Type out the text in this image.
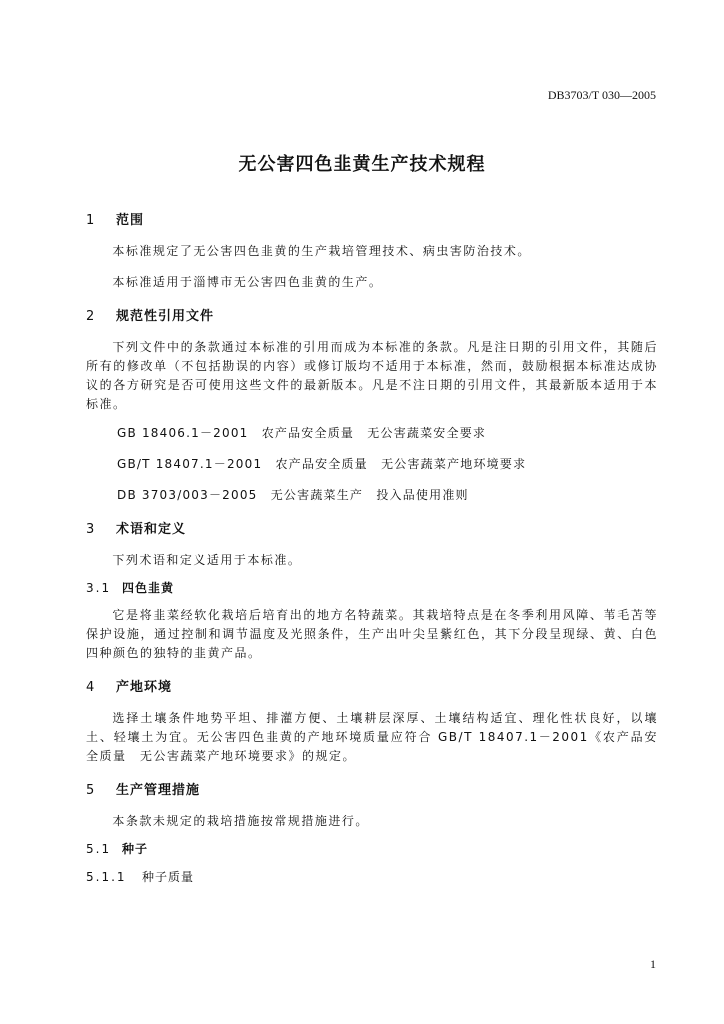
DB3703/T 030—2005
无公害四色韭黄生产技术规程
1 范围

本标准规定了无公害四色韭黄的生产栽培管理技术、病虫害防治技术。

本标准适用于淄博市无公害四色韭黄的生产。

2 规范性引用文件

下列文件中的条款通过本标准的引用而成为本标准的条款。凡是注日期的引用文件，其随后所有的修改单（不包括勘误的内容）或修订版均不适用于本标准，然而，鼓励根据本标准达成协议的各方研究是否可使用这些文件的最新版本。凡是不注日期的引用文件，其最新版本适用于本标准。

GB 18406.1－2001　农产品安全质量　无公害蔬菜安全要求

GB/T 18407.1－2001　农产品安全质量　无公害蔬菜产地环境要求

DB 3703/003－2005　无公害蔬菜生产　投入品使用准则

3 术语和定义

下列术语和定义适用于本标准。

3.1 四色韭黄

它是将韭菜经软化栽培后培育出的地方名特蔬菜。其栽培特点是在冬季利用风障、苇毛苫等保护设施，通过控制和调节温度及光照条件，生产出叶尖呈紫红色，其下分段呈现绿、黄、白色四种颜色的独特的韭黄产品。

4 产地环境

选择土壤条件地势平坦、排灌方便、土壤耕层深厚、土壤结构适宜、理化性状良好，以壤土、轻壤土为宜。无公害四色韭黄的产地环境质量应符合 GB/T 18407.1－2001《农产品安全质量　无公害蔬菜产地环境要求》的规定。

5 生产管理措施

本条款未规定的栽培措施按常规措施进行。

5.1 种子
5.1.1 种子质量
1
